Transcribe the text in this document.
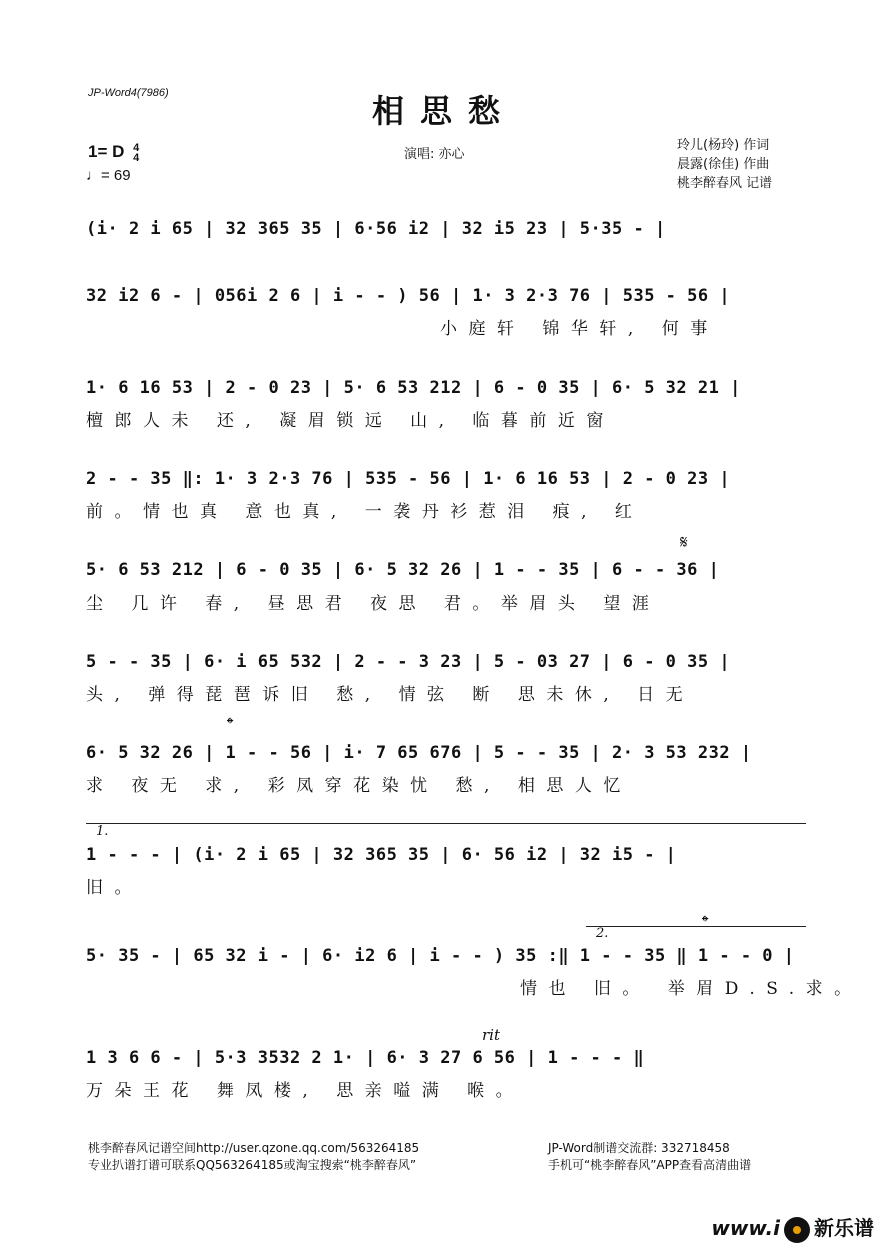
JP-Word4(7986)	相思愁
1= D 4
4
♩= 69
演唱: 亦心
玲儿(杨玲) 作词
晨露(徐佳) 作曲
桃李醉春风 记谱
(i· 2 i 65 | 32 365 35 | 6·56 i2 | 32 i5 23 | 5·35 - |
32 i2 6 - | 056i 2 6 | i - - ) 56 | 1· 3 2·3 76 | 535 - 56 |
小庭轩 锦华轩, 何事
1· 6 16 53 | 2 - 0 23 | 5· 6 53 212 | 6 - 0 35 | 6· 5 32 21 |
檀郎人未 还, 凝眉锁远 山, 临暮前近窗
2 - - 35 ‖: 1· 3 2·3 76 | 535 - 56 | 1· 6 16 53 | 2 - 0 23 |
前。情也真 意也真, 一袭丹衫惹泪 痕, 红
5· 6 53 212 | 6 - 0 35 | 6· 5 32 26 | 1 - - 35 | 6 - - 36 |
尘 几许 春, 昼思君 夜思 君。举眉头 望涯
5 - - 35 | 6· i 65 532 | 2 - - 3 23 | 5 - 03 27 | 6 - 0 35 |
头, 弹得琵琶诉旧 愁, 情弦 断 思未休, 日无
6· 5 32 26 | 1 - - 56 | i· 7 65 676 | 5 - - 35 | 2· 3 53 232 |
求 夜无 求, 彩凤穿花染忧 愁, 相思人忆
1.
1 - - - | (i· 2 i 65 | 32 365 35 | 6· 56 i2 | 32 i5 - |
旧。
2.
5· 35 - | 65 32 i - | 6· i2 6 | i - - ) 35 :‖ 1 - - 35 ‖ 1 - - 0 |
情也 旧。 举眉D.S.求。
rit
1 3 6 6 - | 5·3 3532 2 1· | 6· 3 27 6 56 | 1 - - - ‖
万朵王花 舞凤楼, 思亲嗌满 喉。
𝄋
𝄌
𝄌
桃李醉春风记谱空间http://user.qzone.qq.com/563264185
专业扒谱打谱可联系QQ563264185或淘宝搜索“桃李醉春风”
JP-Word制谱交流群: 332718458
手机可“桃李醉春风”APP查看高清曲谱
www.i 新乐谱
